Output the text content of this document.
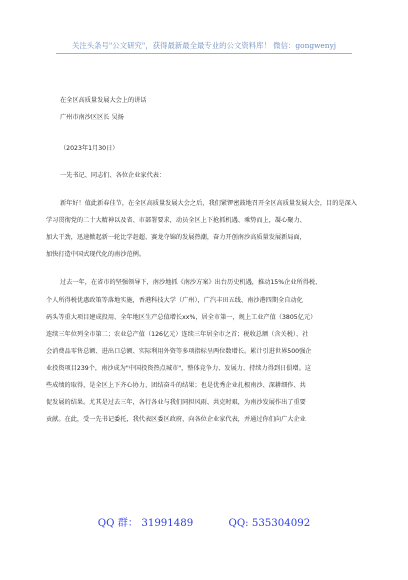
关注头条号"公文研究"，获得最新最全最专业的公文资料库！ 微信：gongwenyj
在全区高质量发展大会上的讲话
广州市南沙区区长 吴扬
（2023年1月30日）
一先书记、同志们、各位企业家代表：
新年好！值此新春佳节，在全区高质量发展大会之后，我们紧锣密鼓地召开全区高质量发展大会，目的是深入
学习贯彻党的二十大精神以及省、市部署要求，动员全区上下抢抓机遇、乘势而上，凝心聚力、
加大干劲，迅速掀起新一轮比学赶超、赛龙夺锦的发展热潮，奋力开创南沙高质量发展新局面，
加快打造中国式现代化的南沙范例。
过去一年，在省市的坚强领导下，南沙地抓《南沙方案》出台历史机遇，推动15%企业所得税、
个人所得税优惠政策等落地实施，香港科技大学（广州），广汽丰田五线、南沙港四期全自动化
码头等重大项目建成投用、全年地区生产总值增长xx%，居全市第一，规上工业产值（3805亿元）
连续三年位列全市第二；农业总产值（126亿元）连续三年居全市之首；税收总额（含关税）、社
会消费品零售总额、进出口总额、实际利用外资等多项指标呈两位数增长。累计引进世界500强企
业投资项目239个，南沙成为"中国投资热点城市"，整体竞争力、发展力、持续力得到日俱增。这
些成绩的取得，是全区上下齐心协力、团结奋斗的结果；也是优秀企业扎根南沙、深耕细作、共
促发展的结果。尤其是过去三年，各行各业与我们同担风雨、共克时艰，为南沙发展作出了重要
贡献。在此，受一先书记委托，我代表区委区政府，向各位企业家代表，并通过你们向广大企业
QQ 群： 31991489	QQ: 535304092
